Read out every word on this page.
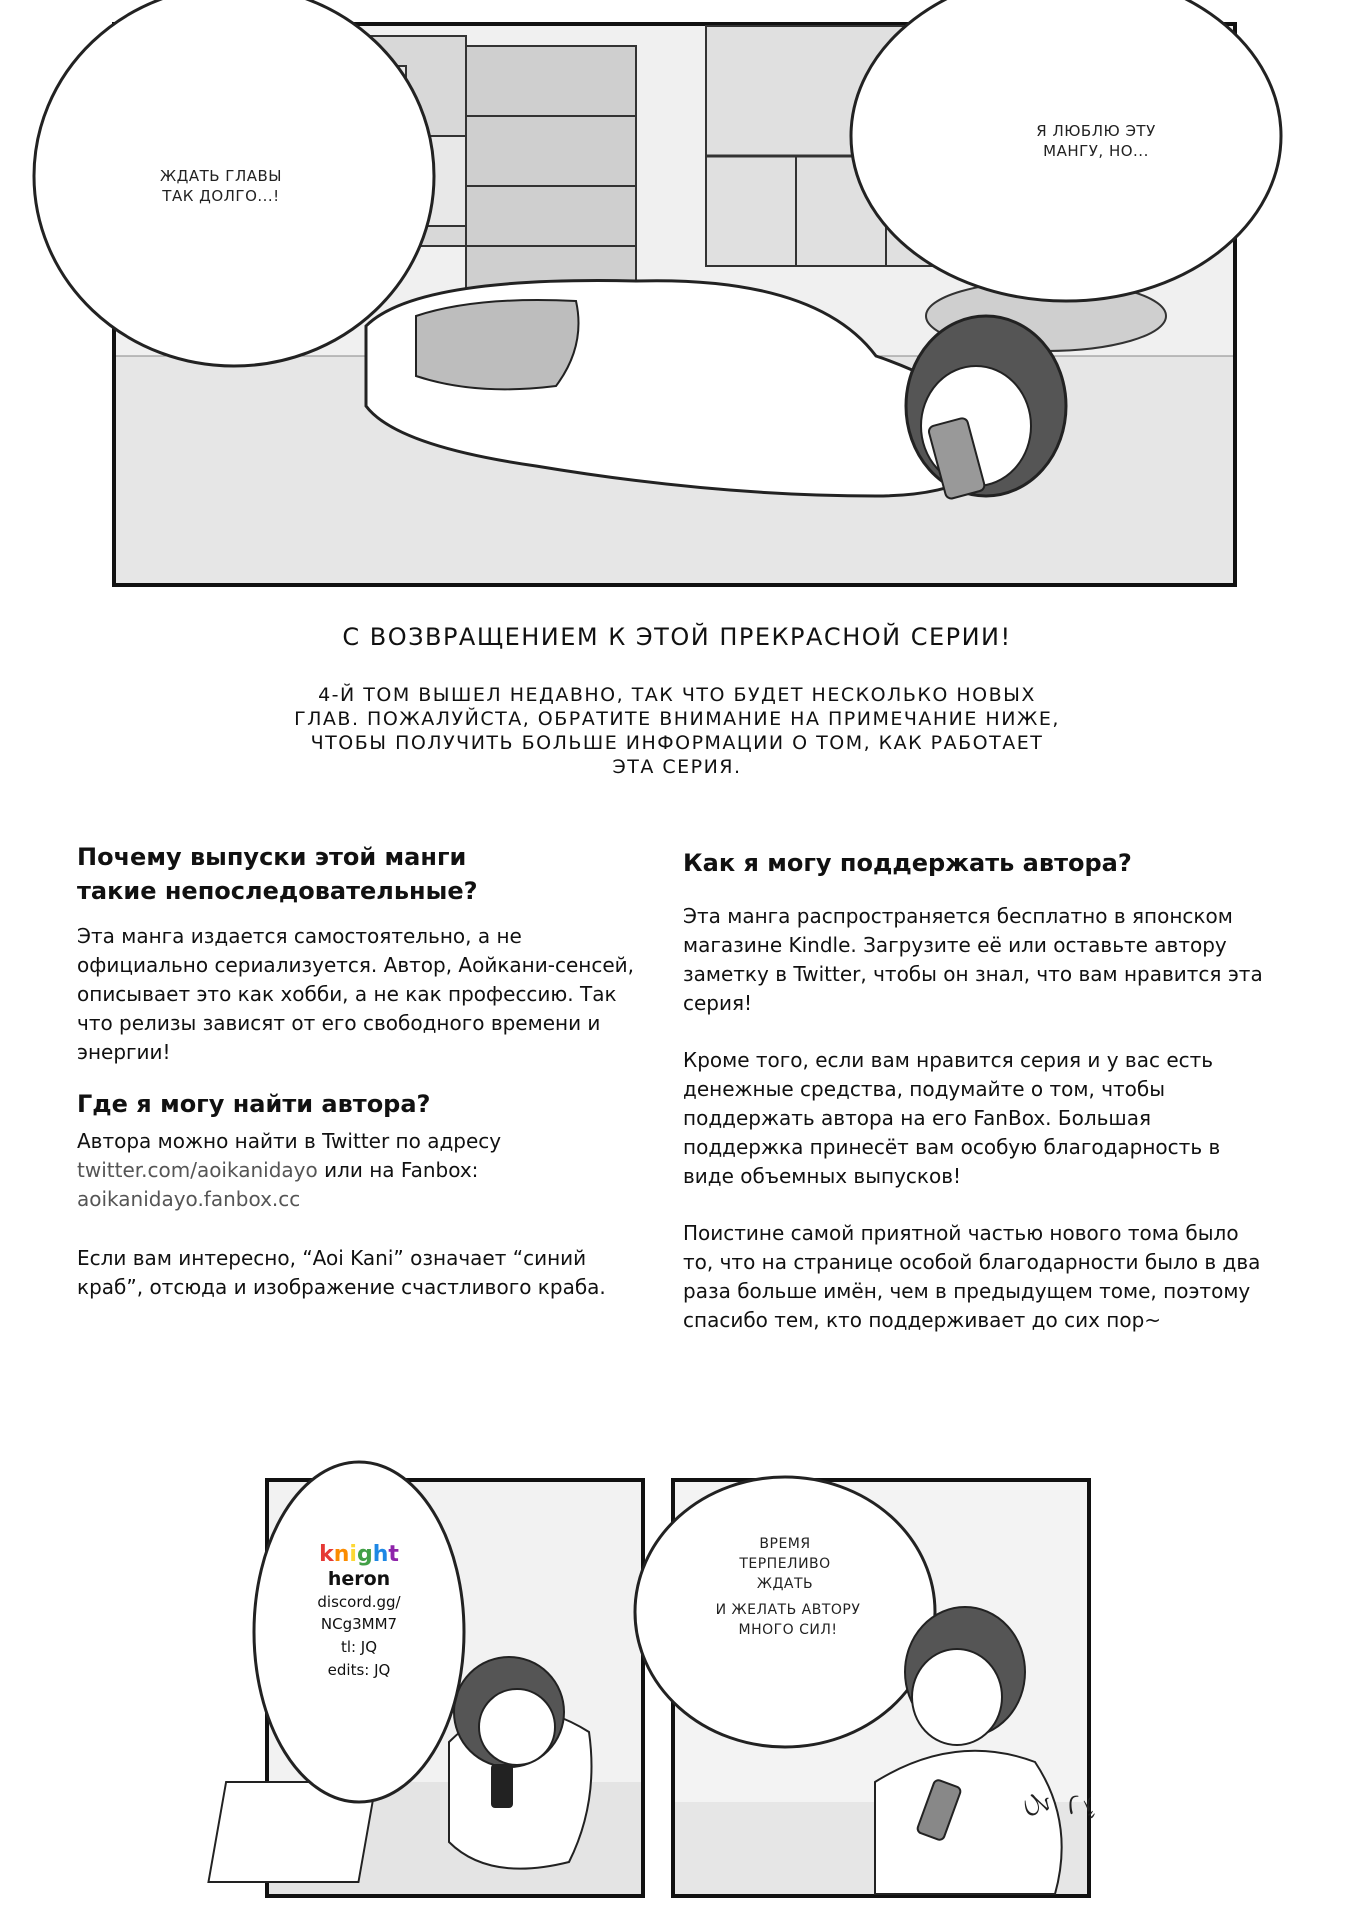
ЖДАТЬ ГЛАВЫ ТАК ДОЛГО...!
Я ЛЮБЛЮ ЭТУ МАНГУ, НО...
С ВОЗВРАЩЕНИЕМ К ЭТОЙ ПРЕКРАСНОЙ СЕРИИ!
4-Й ТОМ ВЫШЕЛ НЕДАВНО, ТАК ЧТО БУДЕТ НЕСКОЛЬКО НОВЫХ
ГЛАВ. ПОЖАЛУЙСТА, ОБРАТИТЕ ВНИМАНИЕ НА ПРИМЕЧАНИЕ НИЖЕ,
ЧТОБЫ ПОЛУЧИТЬ БОЛЬШЕ ИНФОРМАЦИИ О ТОМ, КАК РАБОТАЕТ
ЭТА СЕРИЯ.
Почему выпуски этой манги
такие непоследовательные?

Эта манга издается самостоятельно, а не официально сериализуется. Автор, Аойкани-сенсей, описывает это как хобби, а не как профессию. Так что релизы зависят от его свободного времени и энергии!

Где я могу найти автора?

Автора можно найти в Twitter по адресу
twitter.com/aoikanidayo или на Fanbox:
aoikanidayo.fanbox.cc

Если вам интересно, “Aoi Kani” означает “синий краб”, отсюда и изображение счастливого краба.

Как я могу поддержать автора?

Эта манга распространяется бесплатно в японском магазине Kindle. Загрузите её или оставьте автору заметку в Twitter, чтобы он знал, что вам нравится эта серия!

Кроме того, если вам нравится серия и у вас есть денежные средства, подумайте о том, чтобы поддержать автора на его FanBox. Большая поддержка принесёт вам особую благодарность в виде объемных выпусков!

Поистине самой приятной частью нового тома было то, что на странице особой благодарности было в два раза больше имён, чем в предыдущем томе, поэтому спасибо тем, кто поддерживает до сих пор~

knight
heron
discord.gg/
NCg3MM7
tl: JQ
edits: JQ
ВРЕМЯ ТЕРПЕЛИВО ЖДАТЬ
И ЖЕЛАТЬ АВТОРУ МНОГО СИЛ!
ごろ
